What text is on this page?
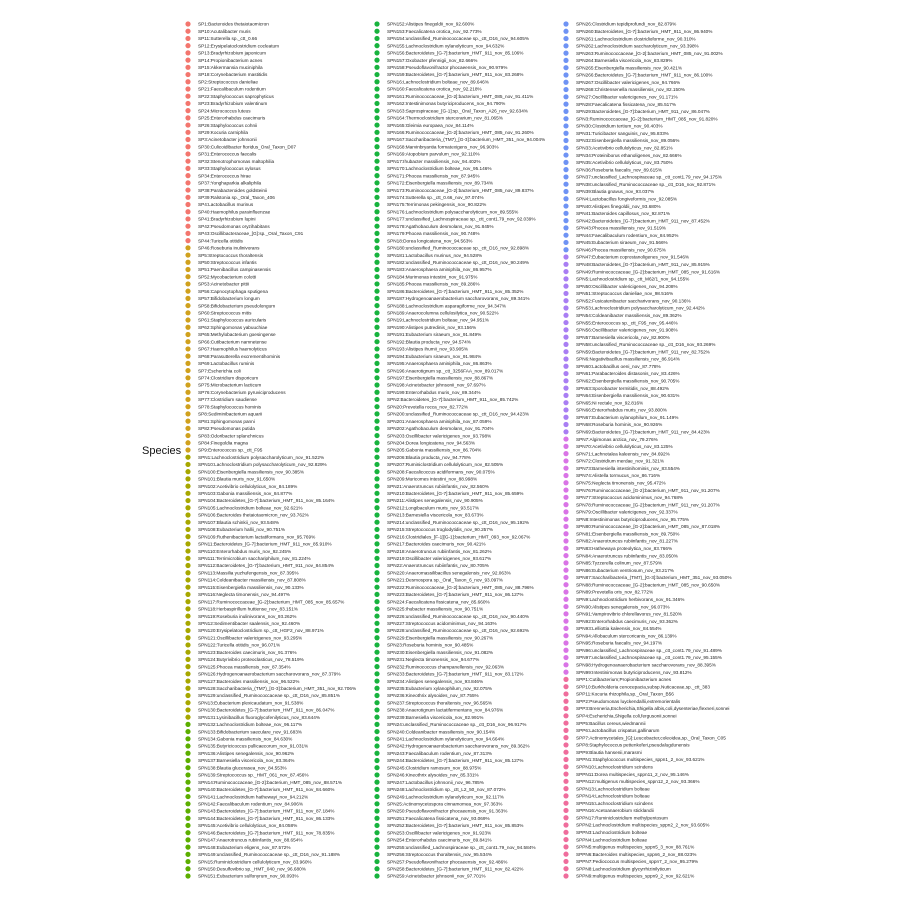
Species
SP1:Bacteroides thetaiotaomicron
SP10:Acutalibacter muris
SP11:Sutterella sp._ctt_0.66
SP12:Erysipelatoclostridium cocleatum
SP13:Bradyrhizobium japonicum
SP14:Propionibacterium acnes
SP15:Akkermansia muciniphila
SP18:Corynebacterium mastitidis
SP2:Streptococcus danieliae
SP21:Faecalibaculum rodentium
SP22:Staphylococcus saprophyticus
SP23:Bradyrhizobium valentinum
SP24:Micrococcus luteus
SP25:Enterorhabdus caecimuris
SP26:Staphylococcus cohnii
SP29:Kocuria carniphila
SP3:Acinetobacter johnsonii
SP30:Culicoidibacter ftoridus_Oral_Taxon_D07
SP31:Enterococcus faecalis
SP32:Stenotrophomonas maltophilia
SP33:Staphylococcus xylosus
SP34:Enterococcus hirae
SP37:Yonghaparkia alkaliphila
SP38:Parabacteroides goldsteinii
SP39:Ralstonia sp._Oral_Taxon_406
SP4:Lactobacillus murinus
SP40:Haemophilus parainfluenzae
SP41:Bradyrhizobium lupini
SP42:Pseudomonas oryzihabitans
SP43:Oscillibacteraceae_[G]:sp._Oral_Taxon_C91
SP44:Turicella otitidis
SP46:Roseburia inulinivorans
SP5:Streptococcus thoraltensis
SP50:Streptococcus infantis
SP51:Paenibacillus campinasensis
SP52:Mycobacterium colotti
SP53:Acinetobacter pittii
SP56:Capnocytophaga sputigena
SP57:Bifidobacterium longum
SP58:Bifidobacterium pseudolongum
SP60:Streptococcus mitis
SP61:Staphylococcus auricularis
SP62:Sphingomonas yabuuchiae
SP65:Methylobacterium goesingense
SP66:Cutibacterium namnetense
SP67:Haemophilus haemolyticus
SP68:Parasutterella excrementihominis
SP69:Lactobacillus ruminis
SP7:Escherichia coli
SP74:Clostridium disporicum
SP75:Microbacterium lacticum
SP76:Corynebacterium pyruviciproducens
SP77:Clostridium saudiense
SP78:Staphylococcus hominis
SP8:Sediminibacterium aquarii
SP81:Sphingomonas panni
SP82:Pseudomonas putida
SP83:Odoribacter splanchnicus
SP84:Finegoldia magna
SP9:Enterococcus sp._ctt_F95
SPN1:Lachnoclostridium polysaccharolyticum_nov_91.522%
SPN10:Lachnoclostridium polysaccharolyticum_nov_92.829%
SPN100:Eisenbergiella massiliensis_nov_90.385%
SPN101:Blautia muris_nov_91.650%
SPN102:Acetivibrio cellulolyticus_nov_84.189%
SPN103:Gabonia massiliensis_nov_84.877%
SPN104:Bacteroidetes_[G-7]:bacterium_HMT_911_nov_85.164%
SPN105:Lachnoclostridium bolteae_nov_92.621%
SPN106:Bacteroides thetaiotaomicron_nov_93.762%
SPN107:Blautia schinkii_nov_93.548%
SPN108:Eubacterium hallii_nov_90.751%
SPN109:Ruthenibacterium lactatiformans_nov_95.769%
SPN11:Bacteroidetes_[G-7]:bacterium_HMT_911_nov_85.910%
SPN110:Enterorhabdus muris_nov_92.245%
SPN111:Terrimicrobium sacchariphilum_nov_81.224%
SPN112:Bacteroidetes_[G-7]:bacterium_HMT_911_nov_84.854%
SPN113:Massilia yuzhufengensis_nov_87.395%
SPN114:Coldeanibacter massiliensis_nov_87.808%
SPN115:Eisenbergiella massiliensis_nov_90.133%
SPN116:Neglecta timonensis_nov_94.497%
SPN117:Ruminococcaceae_[G-2]:bacterium_HMT_085_nov_85.657%
SPN118:Herbaspirillum huttiense_nov_83.151%
SPN119:Roseburia inulinivorans_nov_93.262%
SPN12:Sedimentibacter saalensis_nov_92.460%
SPN120:Erysipelatoclostridium sp._ctt_HGF2_nov_88.971%
SPN121:Oscillibacter valericigenes_nov_93.295%
SPN122:Turicella otitidis_nov_96.071%
SPN123:Bacteroides caecimuris_nov_91.376%
SPN124:Butyrivibrio proteoclasticus_nov_78.519%
SPN125:Phocea massiliensis_nov_87.354%
SPN126:Hydrogenoanaerobacterium saccharovorans_nov_87.379%
SPN127:Bacteroides massiliensis_nov_96.522%
SPN128:Saccharibacteria_(TM7)_[G-3]:bacterium_HMT_351_nov_92.706%
SPN129:unclassified_Ruminococcaceae sp._ctt_D16_nov_85.851%
SPN13:Eubacterium plexicaudatum_nov_91.538%
SPN130:Bacteroidetes_[G-7]:bacterium_HMT_911_nov_86.047%
SPN131:Lysinibacillus fluoroglycofenilyticus_nov_83.644%
SPN132:Lachnoclostridium bolteae_nov_96.117%
SPN133:Bifidobacterium saeculare_nov_91.683%
SPN134:Gabonia massiliensis_nov_84.630%
SPN135:Butyricicoccus pullicaecorum_nov_91.031%
SPN136:Alistipes senegalensis_nov_90.962%
SPN137:Barnesiella viscericola_nov_83.364%
SPN138:Blautia glucerasea_nov_84.553%
SPN139:Streptococcus sp._HMT_061_nov_87.456%
SPN14:Ruminococcaceae_[G-2]:bacterium_HMT_085_nov_88.571%
SPN140:Bacteroidetes_[G-7]:bacterium_HMT_911_nov_84.660%
SPN141:Lachnoclostridium hathewayi_nov_94.212%
SPN142:Faecalibaculum rodentium_nov_84.906%
SPN143:Bacteroidetes_[G-7]:bacterium_HMT_911_nov_87.184%
SPN144:Bacteroidetes_[G-7]:bacterium_HMT_911_nov_86.133%
SPN145:Acetivibrio cellulolyticus_nov_84.058%
SPN146:Bacteroidetes_[G-7]:bacterium_HMT_911_nov_78.835%
SPN147:Anaerotruncus rubiinfantis_nov_88.654%
SPN148:Eubacterium eligens_nov_87.572%
SPN149:unclassified_Ruminococcaceae sp._ctt_D16_nov_91.188%
SPN15:Ruminiclostridium cellulolyticum_nov_83.960%
SPN150:Desulfovibrio sp._HMT_040_nov_96.680%
SPN151:Eubacterium sulfonyrum_nov_90.093%
SPN152:Alistipes finegoldii_nov_92.600%
SPN153:Faecalicatena orotica_nov_92.773%
SPN154:unclassified_Ruminococcaceae sp._ctt_D16_nov_94.605%
SPN155:Lachnoclostridium xylanolyticum_nov_94.632%
SPN156:Bacteroidetes_[G-7]:bacterium_HMT_911_nov_85.106%
SPN157:Oxobacter pfennigii_nov_82.666%
SPN158:Pseudoflavonifractor phocaeensis_nov_90.979%
SPN159:Bacteroidetes_[G-7]:bacterium_HMT_911_nov_83.268%
SPN16:Lachnoclostridium bolteae_nov_89.646%
SPN160:Faecalicatena orotica_nov_92.218%
SPN161:Ruminococcaceae_[G-2]:bacterium_HMT_085_nov_91.411%
SPN162:Intestinimonas butyriciproducens_nov_94.790%
SPN163:Saprospiraceae_[G-1]:sp._Oral_Taxon_A26_nov_92.634%
SPN164:Thermoclostridium stercorarium_nov_81.065%
SPN165:Gleimia europaea_nov_84.114%
SPN166:Ruminococcaceae_[G-2]:bacterium_HMT_085_nov_91.260%
SPN167:Saccharibacteria_(TM7)_[G-3]:bacterium_HMT_351_nov_94.004%
SPN168:Marvinbryantia formatexigens_nov_96.903%
SPN169:Atopobium parvulum_nov_92.110%
SPN17:Ihubacter massiliensis_nov_94.402%
SPN170:Lachnoclostridium bolteae_nov_95.146%
SPN171:Phocea massiliensis_nov_87.945%
SPN172:Eisenbergiella massiliensis_nov_89.734%
SPN173:Ruminococcaceae_[G-2]:bacterium_HMT_085_nov_89.837%
SPN174:Sutterella sp._ctt_0.66_nov_97.074%
SPN175:Terrimonas pekingensis_nov_90.822%
SPN176:Lachnoclostridium polysaccharolyticum_nov_89.555%
SPN177:unclassified_Lachnospiraceae sp._ctt_cont1.79_nov_92.039%
SPN178:Agathobaculum desmolans_nov_91.845%
SPN179:Phocea massiliensis_nov_90.748%
SPN18:Dorea longicatena_nov_94.563%
SPN180:unclassified_Ruminococcaceae sp._ctt_D16_nov_92.898%
SPN181:Lactobacillus murinus_nov_94.528%
SPN182:unclassified_Ruminococcaceae sp._ctt_D16_nov_90.249%
SPN183:Anaerosphaera aminiphila_nov_86.957%
SPN184:Murimonas intestini_nov_91.975%
SPN185:Phocea massiliensis_nov_89.286%
SPN186:Bacteroidetes_[G-7]:bacterium_HMT_911_nov_85.352%
SPN187:Hydrogenoanaerobacterium saccharovorans_nov_89.341%
SPN188:Lachnoclostridium asparagiforme_nov_94.347%
SPN189:Anaerocolumna cellulosilytica_nov_90.522%
SPN19:Lachnoclostridium bolteae_nov_94.951%
SPN190:Alistipes putredinis_nov_93.156%
SPN191:Eubacterium siraeum_nov_91.849%
SPN192:Blautia producta_nov_94.574%
SPN193:Alistipes ihumii_nov_93.905%
SPN194:Eubacterium siraeum_nov_91.984%
SPN195:Anaerosphaera aminiphila_nov_86.863%
SPN196:Anaerotignum sp._ctt_3256FAA_nov_89.017%
SPN197:Eisenbergiella massiliensis_nov_88.867%
SPN198:Acinetobacter johnsonii_nov_97.697%
SPN199:Enterorhabdus muris_nov_89.344%
SPN2:Bacteroidetes_[G-7]:bacterium_HMT_911_nov_85.742%
SPN20:Prevotella rocca_nov_82.772%
SPN200:unclassified_Ruminococcaceae sp._ctt_D16_nov_94.423%
SPN201:Anaerosphaera aminiphila_nov_87.059%
SPN202:Agathobaculum desmolans_nov_91.704%
SPN203:Oscillibacter valericigenes_nov_93.798%
SPN204:Dorea longicatena_nov_94.563%
SPN205:Gabonia massiliensis_nov_86.704%
SPN206:Blautia producta_nov_94.778%
SPN207:Ruminiclostridium cellulolyticum_nov_82.505%
SPN208:Faecalicoccus acidiformans_nov_90.075%
SPN209:Muricomes intestini_nov_88.998%
SPN21:Anaerotruncus rubiinfantis_nov_82.560%
SPN210:Bacteroidetes_[G-7]:bacterium_HMT_911_nov_85.659%
SPN211:Alistipes senegalensis_nov_90.905%
SPN212:Longibaculum muris_nov_93.517%
SPN213:Barnesiella viscericola_nov_83.673%
SPN214:unclassified_Ruminococcaceae sp._ctt_D16_nov_95.192%
SPN215:Streptococcus troglodytidis_nov_90.257%
SPN216:Clostridiales_[F-1][G-1]:bacterium_HMT_093_nov_92.067%
SPN217:Bacteroides caecimuris_nov_90.421%
SPN218:Anaerotruncus rubiinfantis_nov_81.262%
SPN219:Oscillibacter valericigenes_nov_93.617%
SPN22:Anaerotruncus rubiinfantis_nov_80.705%
SPN220:Anaeromassilibacillus senegalensis_nov_92.063%
SPN221:Desmospora sp._Oral_Taxon_6_nov_93.097%
SPN222:Ruminococcaceae_[G-2]:bacterium_HMT_085_nov_88.796%
SPN223:Bacteroidetes_[G-7]:bacterium_HMT_911_nov_86.127%
SPN224:Faecalicatena fissicatena_nov_85.660%
SPN225:Ihubacter massiliensis_nov_90.751%
SPN226:unclassified_Ruminococcaceae sp._ctt_D16_nov_90.440%
SPN227:Streptococcus acidominimus_nov_94.163%
SPN228:unclassified_Ruminococcaceae sp._ctt_D16_nov_92.692%
SPN229:Eisenbergiella massiliensis_nov_90.267%
SPN23:Roseburia hominis_nov_90.485%
SPN230:Eisenbergiella massiliensis_nov_91.082%
SPN231:Neglecta timonensis_nov_94.677%
SPN232:Ruminococcus champanellensis_nov_92.063%
SPN233:Bacteroidetes_[G-7]:bacterium_HMT_911_nov_83.172%
SPN234:Alistipes senegalensis_nov_93.846%
SPN235:Eubacterium xylanophilum_nov_92.075%
SPN236:Kineothrix alysoides_nov_87.755%
SPN237:Streptococcus thoraltensis_nov_96.565%
SPN238:Anaerotignum lactatifermentans_nov_84.976%
SPN239:Barnesiella viscericola_nov_82.991%
SPN24:unclassified_Ruminococcaceae sp._ctt_D16_nov_96.917%
SPN240:Coldeanibacter massiliensis_nov_90.154%
SPN241:Lachnoclostridium xylanolyticum_nov_94.664%
SPN242:Hydrogenoanaerobacterium saccharovorans_nov_89.362%
SPN243:Faecalibaculum rodentium_nov_87.313%
SPN244:Bacteroidetes_[G-7]:bacterium_HMT_911_nov_85.127%
SPN245:Clostridium ramosum_nov_88.975%
SPN246:Kineothrix alysoides_nov_85.331%
SPN247:Lactobacillus johnsonii_nov_96.785%
SPN248:Lachnoclostridium sp._ctt_L2_50_nov_87.072%
SPN249:Lachnoclostridium xylanolyticum_nov_92.117%
SPN25:Actinomycetospora cinnamomea_nov_97.363%
SPN250:Pseudoflavonifractor phocaeensis_nov_91.363%
SPN251:Faecalicatena fissicatena_nov_93.069%
SPN252:Bacteroidetes_[G-7]:bacterium_HMT_911_nov_85.853%
SPN253:Oscillibacter valericigenes_nov_91.923%
SPN254:Enterorhabdus caecimuris_nov_89.841%
SPN255:unclassified_Lachnospiraceae sp._ctt_cont1.79_nov_94.584%
SPN256:Streptococcus thoraltensis_nov_95.534%
SPN257:Pseudoflavonifractor phocaeensis_nov_92.486%
SPN258:Bacteroidetes_[G-7]:bacterium_HMT_911_nov_82.422%
SPN259:Acinetobacter johnsonii_nov_97.701%
SPN26:Clostridium tepidiprofundi_nov_82.879%
SPN260:Bacteroidetes_[G-7]:bacterium_HMT_911_nov_86.940%
SPN261:Lachnoclostridium clostridioforme_nov_90.310%
SPN262:Lachnoclostridium saccharolyticum_nov_93.398%
SPN263:Ruminococcaceae_[G-2]:bacterium_HMT_085_nov_91.002%
SPN264:Barnesiella viscericola_nov_83.829%
SPN265:Eisenbergiella massiliensis_nov_90.421%
SPN266:Bacteroidetes_[G-7]:bacterium_HMT_911_nov_86.100%
SPN267:Oscillibacter valericigenes_nov_94.766%
SPN268:Christensenella massiliensis_nov_82.150%
SPN27:Oscillibacter valericigenes_nov_91.171%
SPN28:Faecalicatena fissicatena_nov_85.517%
SPN29:Bacteroidetes_[G-7]:bacterium_HMT_911_nov_86.047%
SPN3:Ruminococcaceae_[G-2]:bacterium_HMT_085_nov_91.820%
SPN30:Clostridium tertium_nov_90.403%
SPN31:Turicibacter sanguinis_nov_95.833%
SPN32:Eisenbergiella massiliensis_nov_89.056%
SPN33:Acetivibrio cellulolyticus_nov_82.851%
SPN34:Proteiniborus ethanoligenes_nov_82.666%
SPN35:Acetivibrio cellulolyticus_nov_83.750%
SPN36:Roseburia faecalis_nov_89.615%
SPN37:unclassified_Lachnospiraceae sp._ctt_cont1.79_nov_94.175%
SPN38:unclassified_Ruminococcaceae sp._ctt_D16_nov_92.871%
SPN39:Blautia gnavus_nov_93.037%
SPN4:Lactobacillus fongiveformis_nov_92.085%
SPN40:Alistipes finegoldii_nov_93.680%
SPN41:Bacteroides capillosus_nov_92.871%
SPN42:Bacteroidetes_[G-7]:bacterium_HMT_911_nov_87.452%
SPN43:Phocea massiliensis_nov_91.519%
SPN44:Faecalibaculum rodentium_nov_84.952%
SPN45:Eubacterium siraeum_nov_91.566%
SPN46:Phocea massiliensis_nov_90.675%
SPN47:Eubacterium coprostanoligenes_nov_91.546%
SPN48:Bacteroidetes_[G-7]:bacterium_HMT_911_nov_85.915%
SPN49:Ruminococcaceae_[G-2]:bacterium_HMT_085_nov_91.616%
SPN5:Lachnoclostridium sp._ctt_M62/1_nov_94.155%
SPN50:Oscillibacter valericigenes_nov_94.208%
SPN51:Streptococcus danieliae_nov_98.516%
SPN52:Fusicatenibacter saccharivorans_nov_90.136%
SPN53:Lachnoclostridium polysaccharolyticum_nov_92.442%
SPN54:Coldeanibacter massiliensis_nov_89.362%
SPN55:Enterococcus sp._ctt_F95_nov_95.446%
SPN56:Oscillibacter valericigenes_nov_91.908%
SPN57:Barnesiella viscericola_nov_82.900%
SPN58:unclassified_Ruminococcaceae sp._ctt_D16_nov_93.269%
SPN59:Bacteroidetes_[G-7]:bacterium_HMT_911_nov_82.752%
SPN6:Negativibacillus massiliensis_nov_86.914%
SPN60:Lactobacillus oeni_nov_87.778%
SPN61:Parabacteroides distasonis_nov_83.426%
SPN62:Eisenbergiella massiliensis_nov_90.705%
SPN63:Sporobacter termitidis_nov_88.492%
SPN64:Eisenbergiella massiliensis_nov_90.631%
SPN65:Ni rectale_nov_92.816%
SPN66:Enterorhabdus muris_nov_93.800%
SPN67:Eubacterium xylanophilum_nov_91.149%
SPN68:Roseburia hominis_nov_90.926%
SPN69:Bacteroidetes_[G-7]:bacterium_HMT_911_nov_84.423%
SPN7:Algimonas arctica_nov_79.276%
SPN70:Acetivibrio cellulolyticus_nov_83.125%
SPN71:Lachnotalea kaleensis_nov_84.692%
SPN72:Clostridium merdae_nov_91.321%
SPN73:Barnesiella intestinihominis_nov_83.554%
SPN74:Alistella tormucus_nov_86.716%
SPN75:Neglecta timonensis_nov_95.472%
SPN76:Ruminococcaceae_[G-2]:bacterium_HMT_911_nov_91.207%
SPN77:Streptococcus acidominimus_nov_94.768%
SPN78:Ruminococcaceae_[G-2]:bacterium_HMT_911_nov_91.207%
SPN79:Oscillibacter valericigenes_nov_92.337%
SPN8:Intestinimonas butyriciproducens_nov_95.775%
SPN80:Ruminococcaceae_[G-2]:bacterium_HMT_085_nov_87.018%
SPN81:Eisenbergiella massiliensis_nov_89.750%
SPN82:Anaerotruncus rubiinfantis_nov_81.227%
SPN83:Hathewaya proteolytica_nov_83.766%
SPN84:Anaerotruncus rubiinfantis_nov_83.050%
SPN85:Tyzzerella colinum_nov_87.579%
SPN86:Eubacterium ventriosum_nov_93.217%
SPN87:Saccharibacteria_(TM7)_[G-3]:bacterium_HMT_351_nov_93.050%
SPN88:Ruminococcaceae_[G-2]:bacterium_HMT_085_nov_90.650%
SPN89:Prevotella oris_nov_82.772%
SPN9:Lachnoclostridium herbivorans_nov_91.346%
SPN90:Alistipes senegalensis_nov_96.073%
SPN91:Vampirovibrio chlorellavorus_nov_81.520%
SPN92:Enterorhabdus caecimuris_nov_93.362%
SPN93:Lelliottia kaleensis_nov_84.554%
SPN94:Allobaculum stercoricanis_nov_86.139%
SPN95:Roseburia faecalis_nov_94.197%
SPN96:unclassified_Lachnospiraceae sp._ctt_cont1.79_nov_91.489%
SPN97:unclassified_Lachnospiraceae sp._ctt_cont1.79_nov_95.155%
SPN98:Hydrogenoanaerobacterium saccharovorans_nov_88.395%
SPN99:Intestinimonas butyriciproducens_nov_93.812%
SPP1:Cutibacterium;Propionibacterium acnes
SPP10:Burkholderia cenocepacia,subsp.Nuticaceae,sp._ctt_383
SPP11:Kocuria rhizophila,sp._Oral_Taxon_B56
SPP2:Pseudomonas luyckendallii,extremorientalis
SPP3:Brenneria,Escherichia,Shigella albis,coli,dysenteriae,flexneri,sonnei
SPP4:Escherichia,Shigella coli,fergusonii,sonnei
SPP5:Bacillus cereus,wiedmannii
SPP6:Lactobacillus crispatus,gallinarum
SPP7:Actinomycetales_[G]:Leucobacter,coleoidea,sp._Oral_Taxon_C05
SPP8:Staphylococcus pettenkoferi,pseudalugdunensis
SPP9:Blautia hansenii,marasmi
SPPN1:Staphylococcus multispecies_sppn1_2_nov_93.621%
SPPN10:Lachnoclostridium scindens
SPPN11:Dorea multispecies_sppn11_2_nov_95.146%
SPPN12:multigenus multispecies_sppn12_2_nov_93.366%
SPPN13:Lachnoclostridium bolteae
SPPN14:Lachnoclostridium bolteae
SPPN15:Lachnoclostridium scindens
SPPN16:Acetoanaerobium sticklandii
SPPN17:Ruminiclostridium methylpentosum
SPPN2:Lachnoclostridium multispecies_sppn2_2_nov_93.605%
SPPN3:Lachnoclostridium bolteae
SPPN4:Lachnoclostridium bolteae
SPPN5:multigenus multispecies_sppn5_3_nov_88.761%
SPPN6:Bacteroides multispecies_sppn6_2_nov_88.023%
SPPN7:Pediococcus multispecies_sppn7_2_nov_95.279%
SPPN8:Lachnoclostridium glycyrrhizinilyticum
SPPN9:multigenus multispecies_sppn9_2_nov_92.621%
